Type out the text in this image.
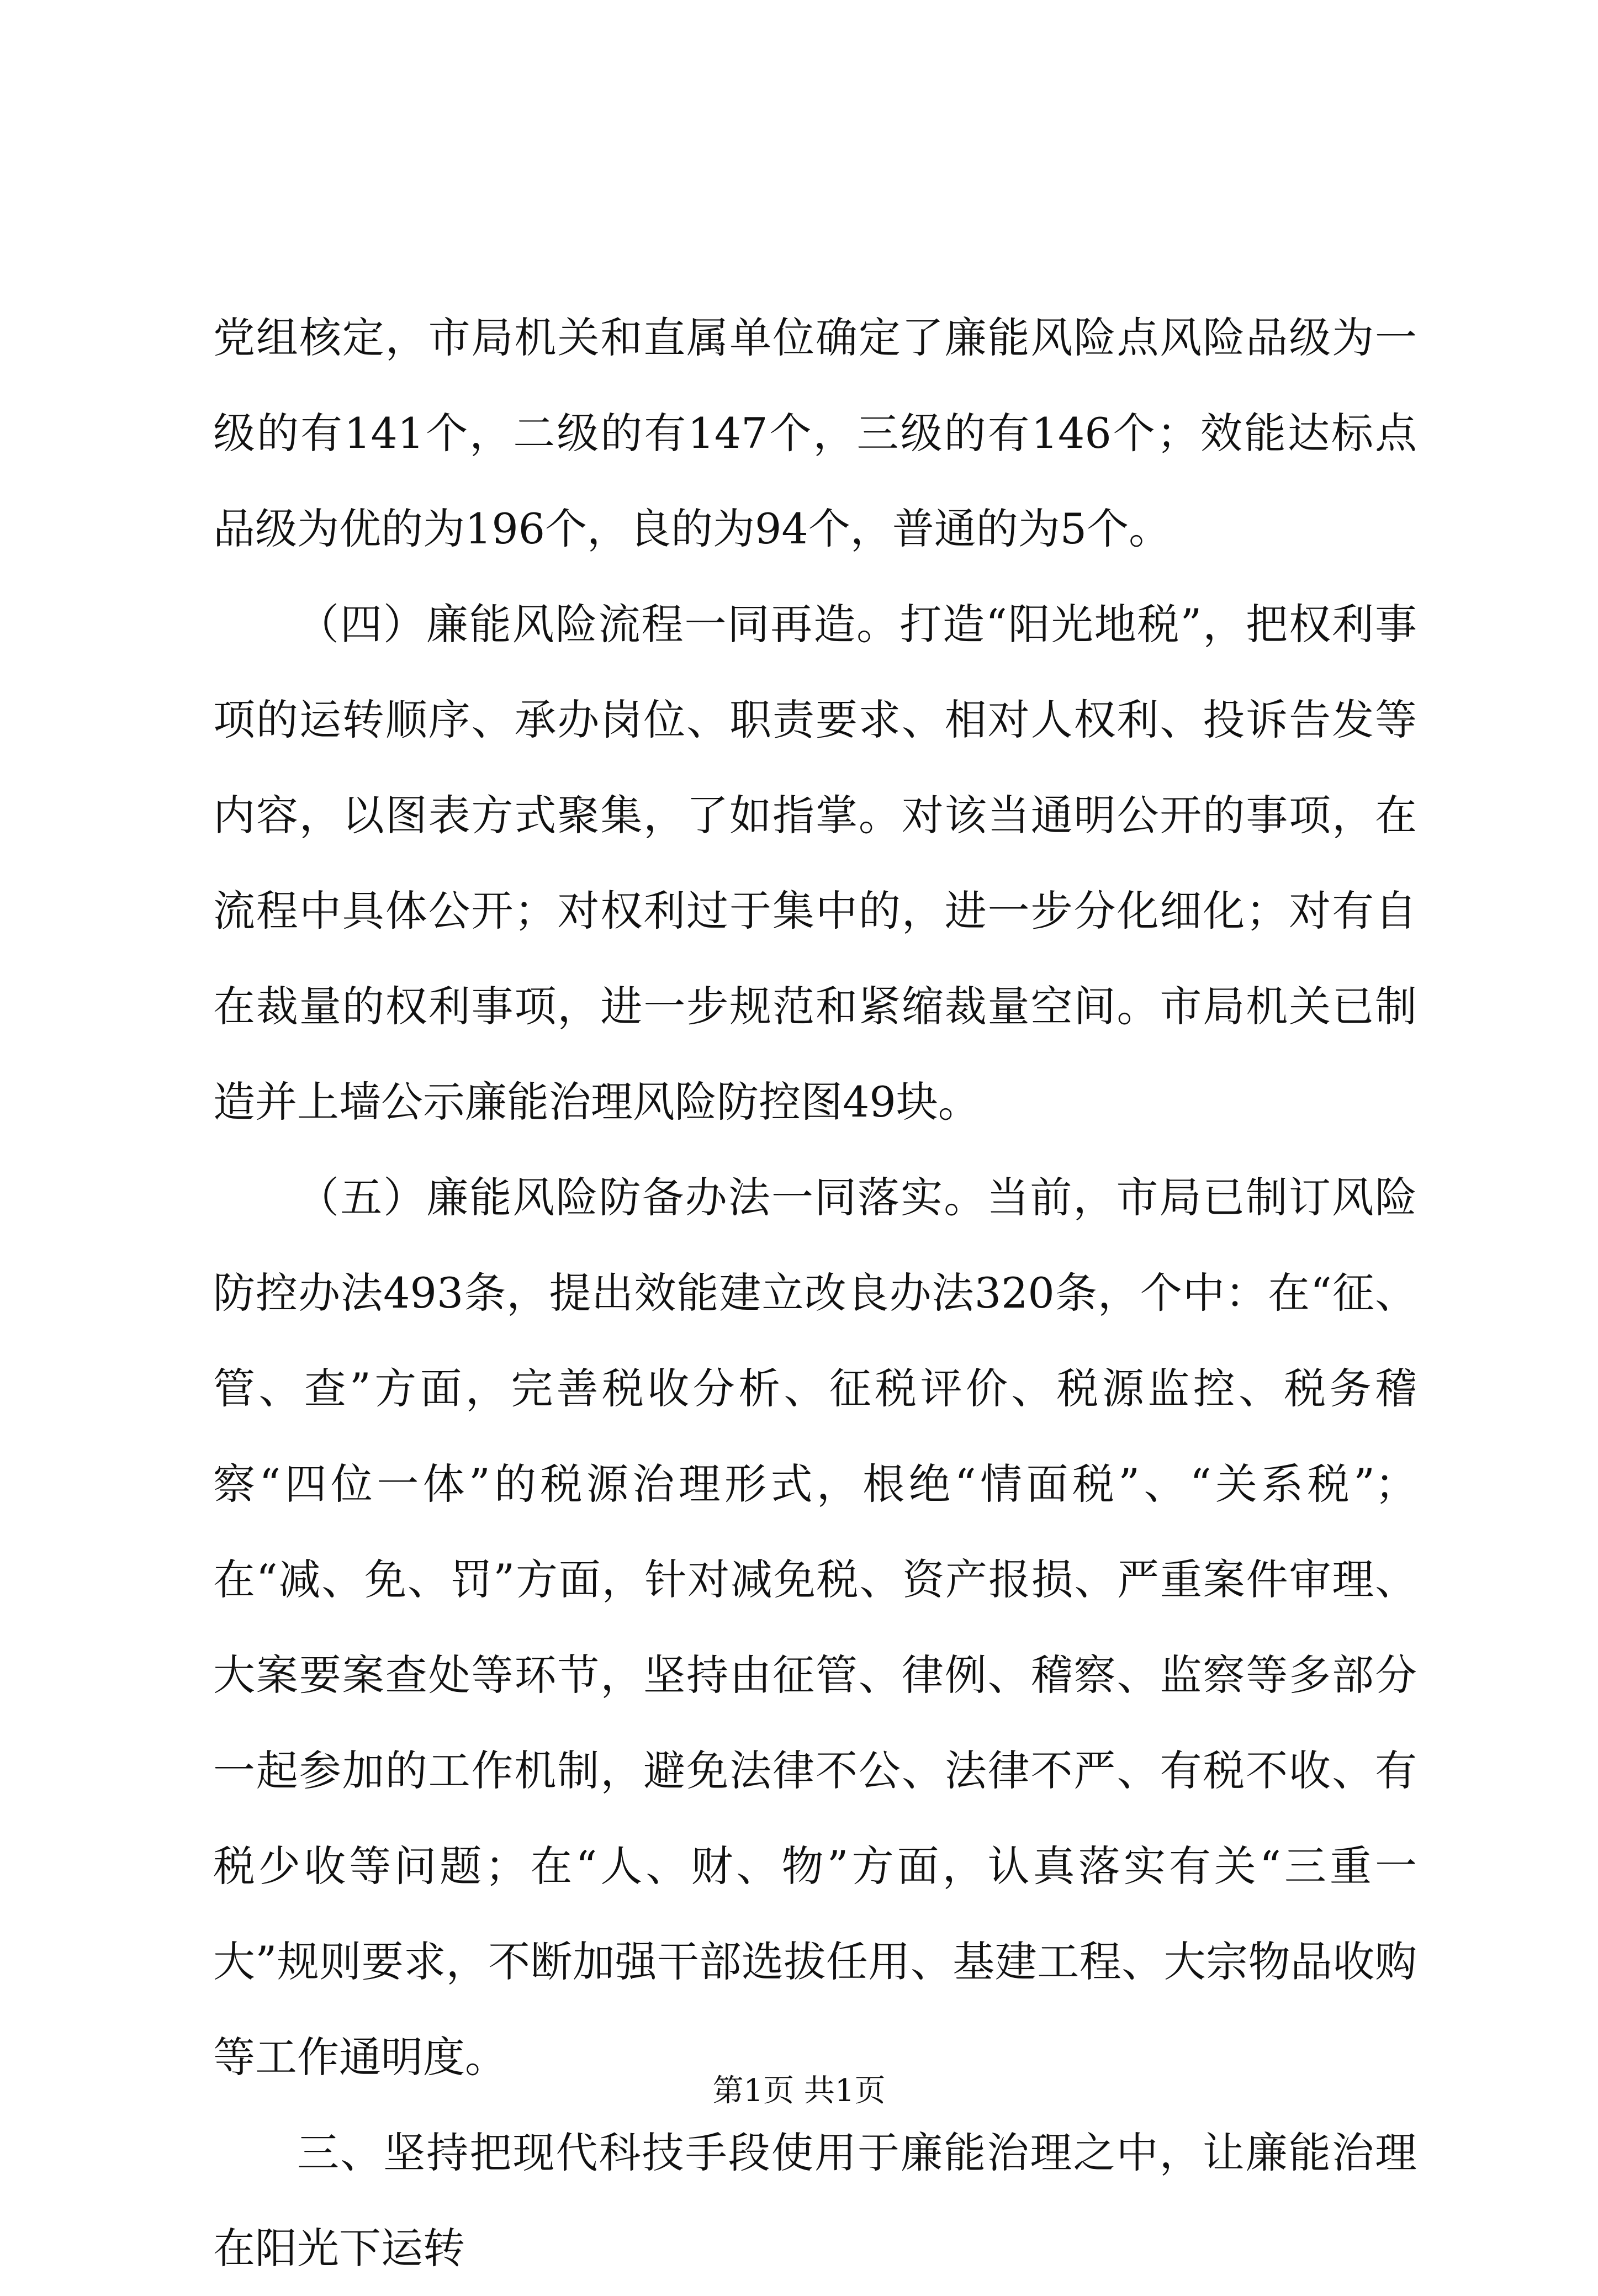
党组核定，市局机关和直属单位确定了廉能风险点风险品级为一级的有141个，二级的有147个，三级的有146个；效能达标点品级为优的为196个，良的为94个，普通的为5个。

（四）廉能风险流程一同再造。打造“阳光地税”，把权利事项的运转顺序、承办岗位、职责要求、相对人权利、投诉告发等内容，以图表方式聚集，了如指掌。对该当通明公开的事项，在流程中具体公开；对权利过于集中的，进一步分化细化；对有自在裁量的权利事项，进一步规范和紧缩裁量空间。市局机关已制造并上墙公示廉能治理风险防控图49块。

（五）廉能风险防备办法一同落实。当前，市局已制订风险防控办法493条，提出效能建立改良办法320条，个中：在“征、管、查”方面，完善税收分析、征税评价、税源监控、税务稽察“四位一体”的税源治理形式，根绝“情面税”、“关系税”；在“减、免、罚”方面，针对减免税、资产报损、严重案件审理、大案要案查处等环节，坚持由征管、律例、稽察、监察等多部分一起参加的工作机制，避免法律不公、法律不严、有税不收、有税少收等问题；在“人、财、物”方面，认真落实有关“三重一大”规则要求，不断加强干部选拔任用、基建工程、大宗物品收购等工作通明度。

三、坚持把现代科技手段使用于廉能治理之中，让廉能治理在阳光下运转

第1页 共1页
